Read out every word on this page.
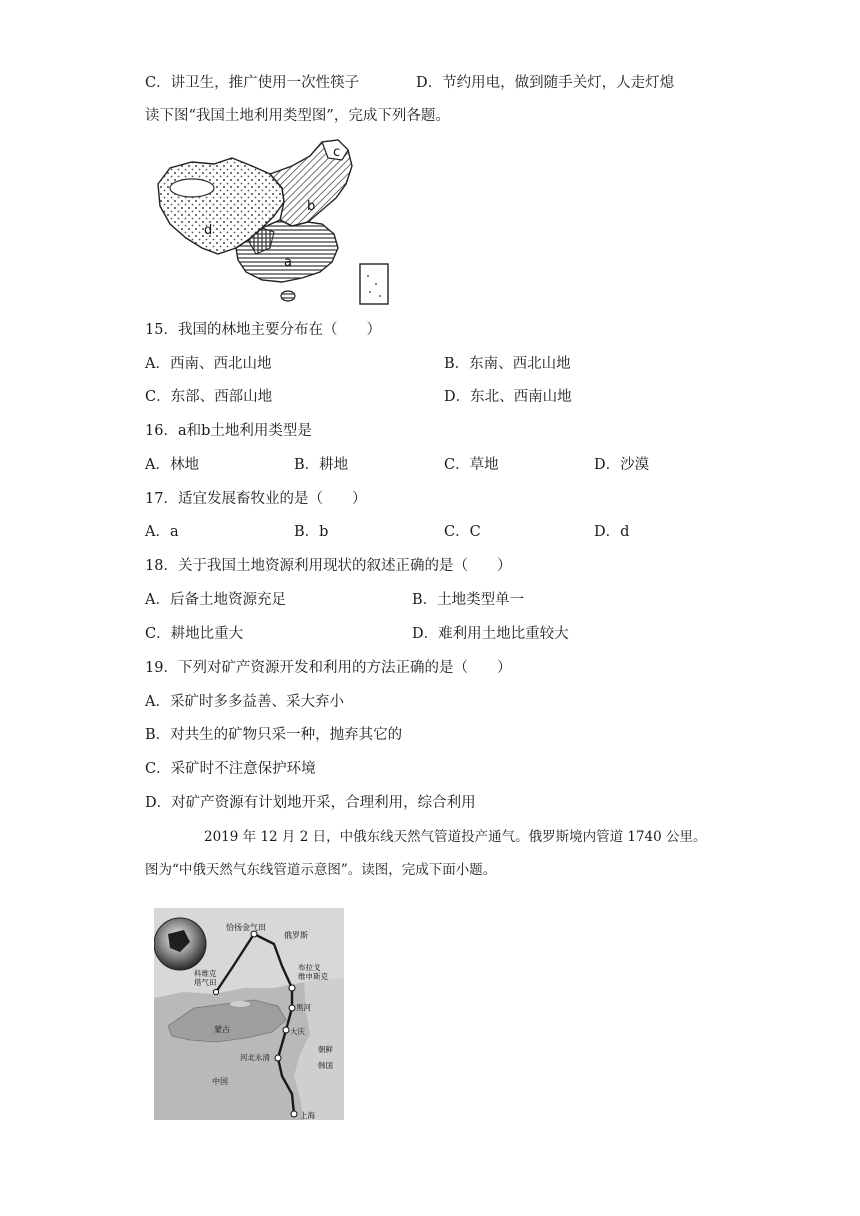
C．讲卫生，推广使用一次性筷子	D．节约用电，做到随手关灯，人走灯熄
读下图“我国土地利用类型图”，完成下列各题。
a
b
c
d
15．我国的林地主要分布在（　　）
A．西南、西北山地	B．东南、西北山地
C．东部、西部山地	D．东北、西南山地
16．a和b土地利用类型是
A．林地	B．耕地	C．草地	D．沙漠
17．适宜发展畜牧业的是（　　）
A．a	B．b	C．C	D．d
18．关于我国土地资源利用现状的叙述正确的是（　　）
A．后备土地资源充足	B．土地类型单一
C．耕地比重大	D．难利用土地比重较大
19．下列对矿产资源开发和利用的方法正确的是（　　）
A．采矿时多多益善、采大弃小
B．对共生的矿物只采一种，抛弃其它的
C．采矿时不注意保护环境
D．对矿产资源有计划地开采，合理利用，综合利用
2019 年 12 月 2 日，中俄东线天然气管道投产通气。俄罗斯境内管道 1740 公里。
图为“中俄天然气东线管道示意图”。读图，完成下面小题。
恰扬金气田
俄罗斯
科维克塔气田
布拉戈维申斯克
黑河
大庆
蒙古
河北永清
朝鲜
韩国
中国
上海
